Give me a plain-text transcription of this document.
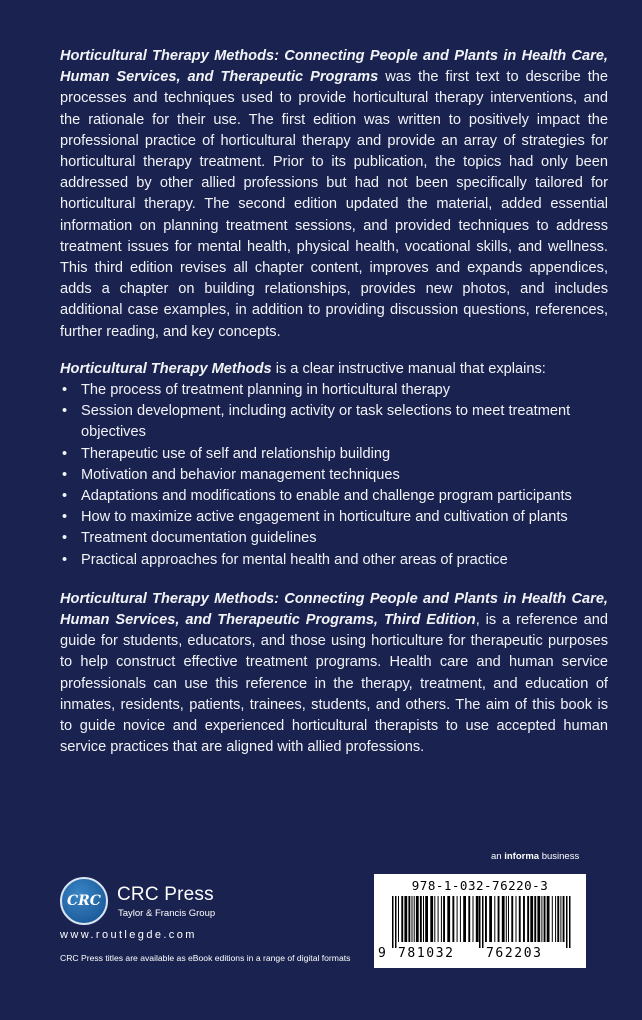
Horticultural Therapy Methods: Connecting People and Plants in Health Care, Human Services, and Therapeutic Programs was the first text to describe the processes and techniques used to provide horticultural therapy interventions, and the rationale for their use. The first edition was written to positively impact the professional practice of horticultural therapy and provide an array of strategies for horticultural therapy treatment. Prior to its publication, the topics had only been addressed by other allied professions but had not been specifically tailored for horticultural therapy. The second edition updated the material, added essential information on planning treatment sessions, and provided techniques to address treatment issues for mental health, physical health, vocational skills, and wellness. This third edition revises all chapter content, improves and expands appendices, adds a chapter on building relationships, provides new photos, and includes additional case examples, in addition to providing discussion questions, references, further reading, and key concepts.

Horticultural Therapy Methods is a clear instructive manual that explains:

• The process of treatment planning in horticultural therapy
• Session development, including activity or task selections to meet treatment objectives
• Therapeutic use of self and relationship building
• Motivation and behavior management techniques
• Adaptations and modifications to enable and challenge program participants
• How to maximize active engagement in horticulture and cultivation of plants
• Treatment documentation guidelines
• Practical approaches for mental health and other areas of practice

Horticultural Therapy Methods: Connecting People and Plants in Health Care, Human Services, and Therapeutic Programs, Third Edition, is a reference and guide for students, educators, and those using horticulture for therapeutic purposes to help construct effective treatment programs. Health care and human service professionals can use this reference in the therapy, treatment, and education of inmates, residents, patients, trainees, students, and others. The aim of this book is to guide novice and experienced horticultural therapists to use accepted human service practices that are aligned with allied professions.

an informa business
CRC CRC Press
Taylor & Francis Group
www.routlegde.com
CRC Press titles are available as eBook editions in a range of digital formats
978-1-032-76220-3
9 781032 762203
